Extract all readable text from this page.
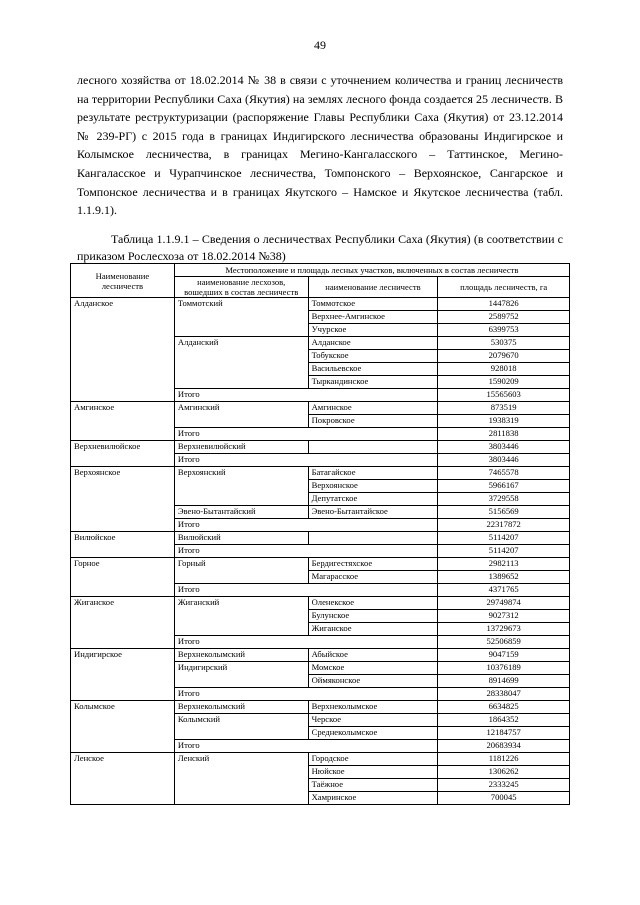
49

лесного хозяйства от 18.02.2014 № 38 в связи с уточнением количества и границ лесничеств на территории Республики Саха (Якутия) на землях лесного фонда создается 25 лесничеств. В результате реструктуризации (распоряжение Главы Республики Саха (Якутия) от 23.12.2014 № 239-РГ) с 2015 года в границах Индигирского лесничества образованы Индигирское и Колымское лесничества, в границах Мегино-Кангаласского – Таттинское, Мегино-Кангаласское и Чурапчинское лесничества, Томпонского – Верхоянское, Сангарское и Томпонское лесничества и в границах Якутского – Намское и Якутское лесничества (табл. 1.1.9.1).

Таблица 1.1.9.1 – Сведения о лесничествах Республики Саха (Якутия) (в соответствии с приказом Рослесхоза от 18.02.2014 №38)
Наименование лесничеств	Местоположение и площадь лесных участков, включенных в состав лесничеств		
	наименование лесхозов, вошедших в состав лесничеств	наименование лесничеств	площадь лесничеств, га
Алданское	Томмотский	Томмотское	1447826
		Верхнее-Амгинское	2589752
		Учурское	6399753
	Алданский	Алданское	530375
		Тобукское	2079670
		Васильевское	928018
		Тыркандинское	1590209
	Итого		15565603
Амгинское	Амгинский	Амгинское	873519
		Покровское	1938319
	Итого		2811838
Верхневилюйское	Верхневилюйский		3803446
	Итого		3803446
Верхоянское	Верхоянский	Батагайское	7465578
		Верхоянское	5966167
		Депутатское	3729558
	Эвено-Бытантайский	Эвено-Бытантайское	5156569
	Итого		22317872
Вилюйское	Вилюйский		5114207
	Итого		5114207
Горное	Горный	Бердигестяхское	2982113
		Магарасское	1389652
	Итого		4371765
Жиганское	Жиганский	Оленекское	29749874
		Булунское	9027312
		Жиганское	13729673
	Итого		52506859
Индигирское	Верхнеколымский	Абыйское	9047159
	Индигирский	Момское	10376189
		Оймяконское	8914699
	Итого		28338047
Колымское	Верхнеколымский	Верхнеколымское	6634825
	Колымский	Черское	1864352
		Среднеколымское	12184757
	Итого		20683934
Ленское	Ленский	Городское	1181226
		Нюйское	1306262
		Таёжное	2333245
		Хамринское	700045
